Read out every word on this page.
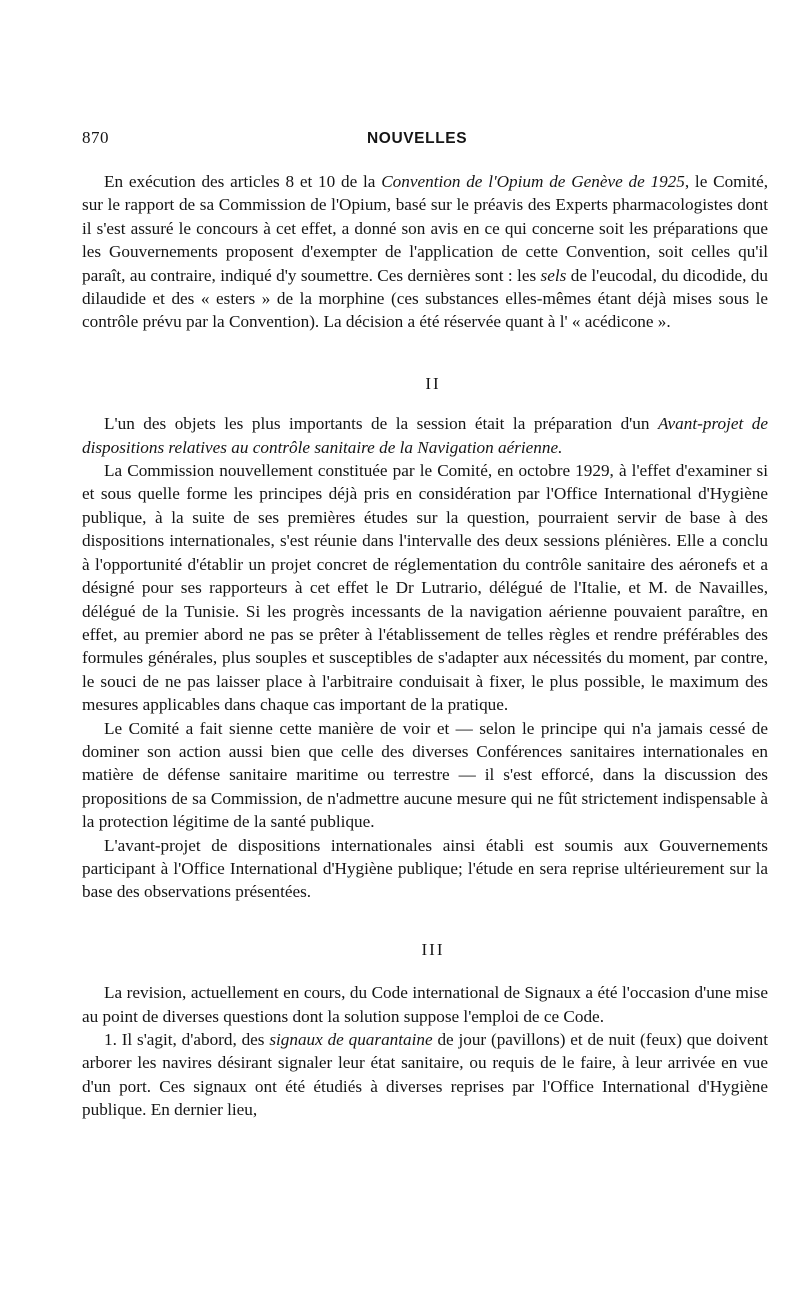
870	NOUVELLES

En exécution des articles 8 et 10 de la Convention de l'Opium de Genève de 1925, le Comité, sur le rapport de sa Commission de l'Opium, basé sur le préavis des Experts pharmacologistes dont il s'est assuré le concours à cet effet, a donné son avis en ce qui concerne soit les préparations que les Gouvernements proposent d'exempter de l'application de cette Convention, soit celles qu'il paraît, au contraire, indiqué d'y soumettre. Ces dernières sont : les sels de l'eucodal, du dicodide, du dilaudide et des « esters » de la morphine (ces substances elles-mêmes étant déjà mises sous le contrôle prévu par la Convention). La décision a été réservée quant à l' « acédicone ».

II

L'un des objets les plus importants de la session était la préparation d'un Avant-projet de dispositions relatives au contrôle sanitaire de la Navigation aérienne.

La Commission nouvellement constituée par le Comité, en octobre 1929, à l'effet d'examiner si et sous quelle forme les principes déjà pris en considération par l'Office International d'Hygiène publique, à la suite de ses premières études sur la question, pourraient servir de base à des dispositions internationales, s'est réunie dans l'intervalle des deux sessions plénières. Elle a conclu à l'opportunité d'établir un projet concret de réglementation du contrôle sanitaire des aéronefs et a désigné pour ses rapporteurs à cet effet le Dr Lutrario, délégué de l'Italie, et M. de Navailles, délégué de la Tunisie. Si les progrès incessants de la navigation aérienne pouvaient paraître, en effet, au premier abord ne pas se prêter à l'établissement de telles règles et rendre préférables des formules générales, plus souples et susceptibles de s'adapter aux nécessités du moment, par contre, le souci de ne pas laisser place à l'arbitraire conduisait à fixer, le plus possible, le maximum des mesures applicables dans chaque cas important de la pratique.

Le Comité a fait sienne cette manière de voir et — selon le principe qui n'a jamais cessé de dominer son action aussi bien que celle des diverses Conférences sanitaires internationales en matière de défense sanitaire maritime ou terrestre — il s'est efforcé, dans la discussion des propositions de sa Commission, de n'admettre aucune mesure qui ne fût strictement indispensable à la protection légitime de la santé publique.

L'avant-projet de dispositions internationales ainsi établi est soumis aux Gouvernements participant à l'Office International d'Hygiène publique; l'étude en sera reprise ultérieurement sur la base des observations présentées.

III

La revision, actuellement en cours, du Code international de Signaux a été l'occasion d'une mise au point de diverses questions dont la solution suppose l'emploi de ce Code.

1. Il s'agit, d'abord, des signaux de quarantaine de jour (pavillons) et de nuit (feux) que doivent arborer les navires désirant signaler leur état sanitaire, ou requis de le faire, à leur arrivée en vue d'un port. Ces signaux ont été étudiés à diverses reprises par l'Office International d'Hygiène publique. En dernier lieu,
